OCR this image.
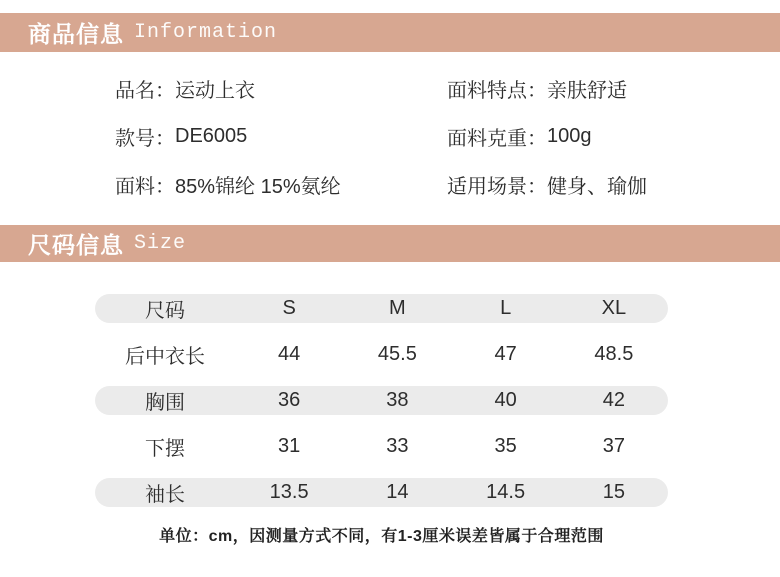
商品信息 Information
品名： 运动上衣
款号： DE6005
面料： 85%锦纶 15%氨纶
面料特点： 亲肤舒适
面料克重： 100g
适用场景： 健身、瑜伽
尺码信息 Size
尺码	S	M	L	XL
后中衣长	44	45.5	47	48.5
胸围	36	38	40	42
下摆	31	33	35	37
袖长	13.5	14	14.5	15
单位：cm，因测量方式不同，有1-3厘米误差皆属于合理范围
